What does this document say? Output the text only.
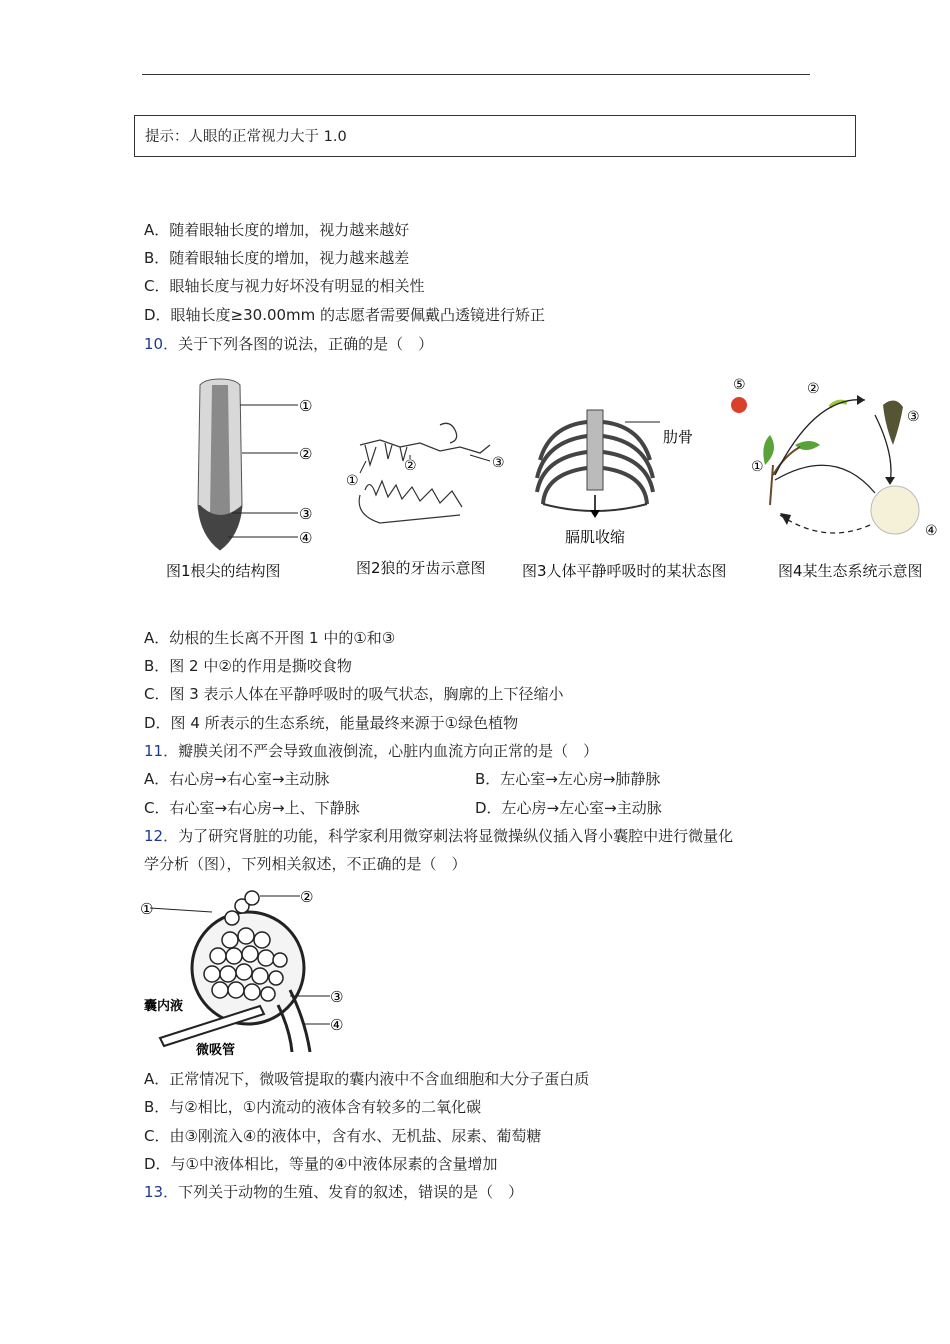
提示：人眼的正常视力大于 1.0
A．随着眼轴长度的增加，视力越来越好
B．随着眼轴长度的增加，视力越来越差
C．眼轴长度与视力好坏没有明显的相关性
D．眼轴长度≥30.00mm 的志愿者需要佩戴凸透镜进行矫正
10．关于下列各图的说法，正确的是（　）
①
②
③
④
图1根尖的结构图
①
②	③
图2狼的牙齿示意图
肋骨
膈肌收缩
图3人体平静呼吸时的某状态图
⑤	②
③
①
④
图4某生态系统示意图
A．幼根的生长离不开图 1 中的①和③
B．图 2 中②的作用是撕咬食物
C．图 3 表示人体在平静呼吸时的吸气状态，胸廓的上下径缩小
D．图 4 所表示的生态系统，能量最终来源于①绿色植物
11．瓣膜关闭不严会导致血液倒流，心脏内血流方向正常的是（　）
A．右心房→右心室→主动脉	B．左心室→左心房→肺静脉
C．右心室→右心房→上、下静脉	D．左心房→左心室→主动脉
12．为了研究肾脏的功能，科学家利用微穿刺法将显微操纵仪插入肾小囊腔中进行微量化
学分析（图），下列相关叙述，不正确的是（　）
①
②
③
④
囊内液
微吸管
A．正常情况下，微吸管提取的囊内液中不含血细胞和大分子蛋白质
B．与②相比，①内流动的液体含有较多的二氧化碳
C．由③刚流入④的液体中，含有水、无机盐、尿素、葡萄糖
D．与①中液体相比，等量的④中液体尿素的含量增加
13．下列关于动物的生殖、发育的叙述，错误的是（　）
